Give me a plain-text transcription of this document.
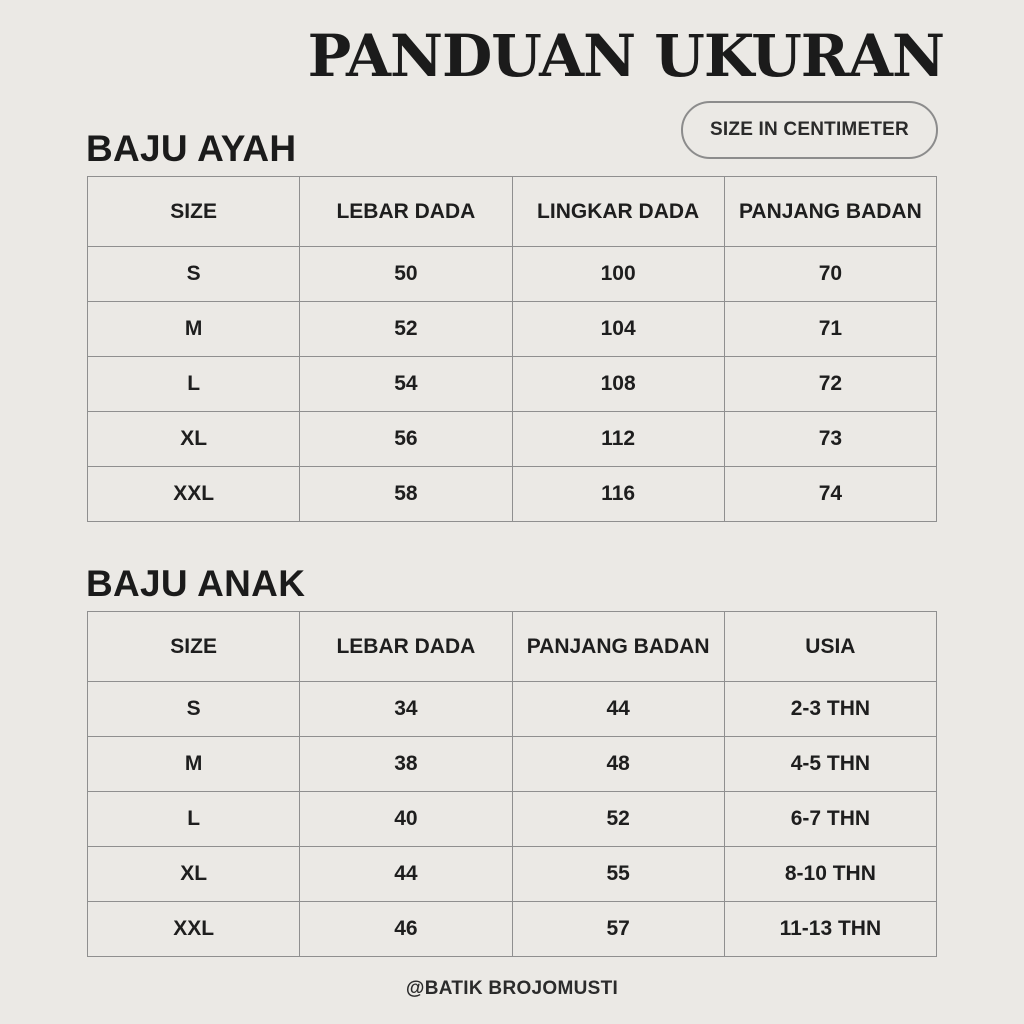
PANDUAN UKURAN
SIZE IN CENTIMETER
BAJU AYAH
SIZE	LEBAR DADA	LINGKAR DADA	PANJANG BADAN
S	50	100	70
M	52	104	71
L	54	108	72
XL	56	112	73
XXL	58	116	74
BAJU ANAK
SIZE	LEBAR DADA	PANJANG BADAN	USIA
S	34	44	2-3 THN
M	38	48	4-5 THN
L	40	52	6-7 THN
XL	44	55	8-10 THN
XXL	46	57	11-13 THN
@BATIK BROJOMUSTI
